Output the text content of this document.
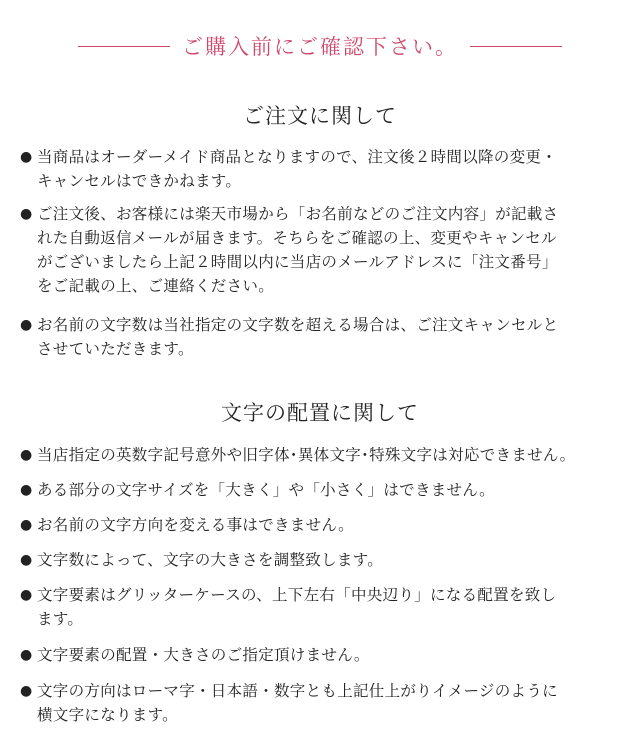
ご購入前にご確認下さい。
ご注文に関して
● 当商品はオーダーメイド商品となりますので、注文後２時間以降の変更・
キャンセルはできかねます。
● ご注文後、お客様には楽天市場から「お名前などのご注文内容」が記載さ
れた自動返信メールが届きます。そちらをご確認の上、変更やキャンセル
がございましたら上記２時間以内に当店のメールアドレスに「注文番号」
をご記載の上、ご連絡ください。
● お名前の文字数は当社指定の文字数を超える場合は、ご注文キャンセルと
させていただきます。
文字の配置に関して
● 当店指定の英数字記号意外や旧字体･異体文字･特殊文字は対応できません。
● ある部分の文字サイズを「大きく」や「小さく」はできません。
● お名前の文字方向を変える事はできません。
● 文字数によって、文字の大きさを調整致します。
● 文字要素はグリッターケースの、上下左右「中央辺り」になる配置を致し
ます。
● 文字要素の配置・大きさのご指定頂けません。
● 文字の方向はローマ字・日本語・数字とも上記仕上がりイメージのように
横文字になります。
